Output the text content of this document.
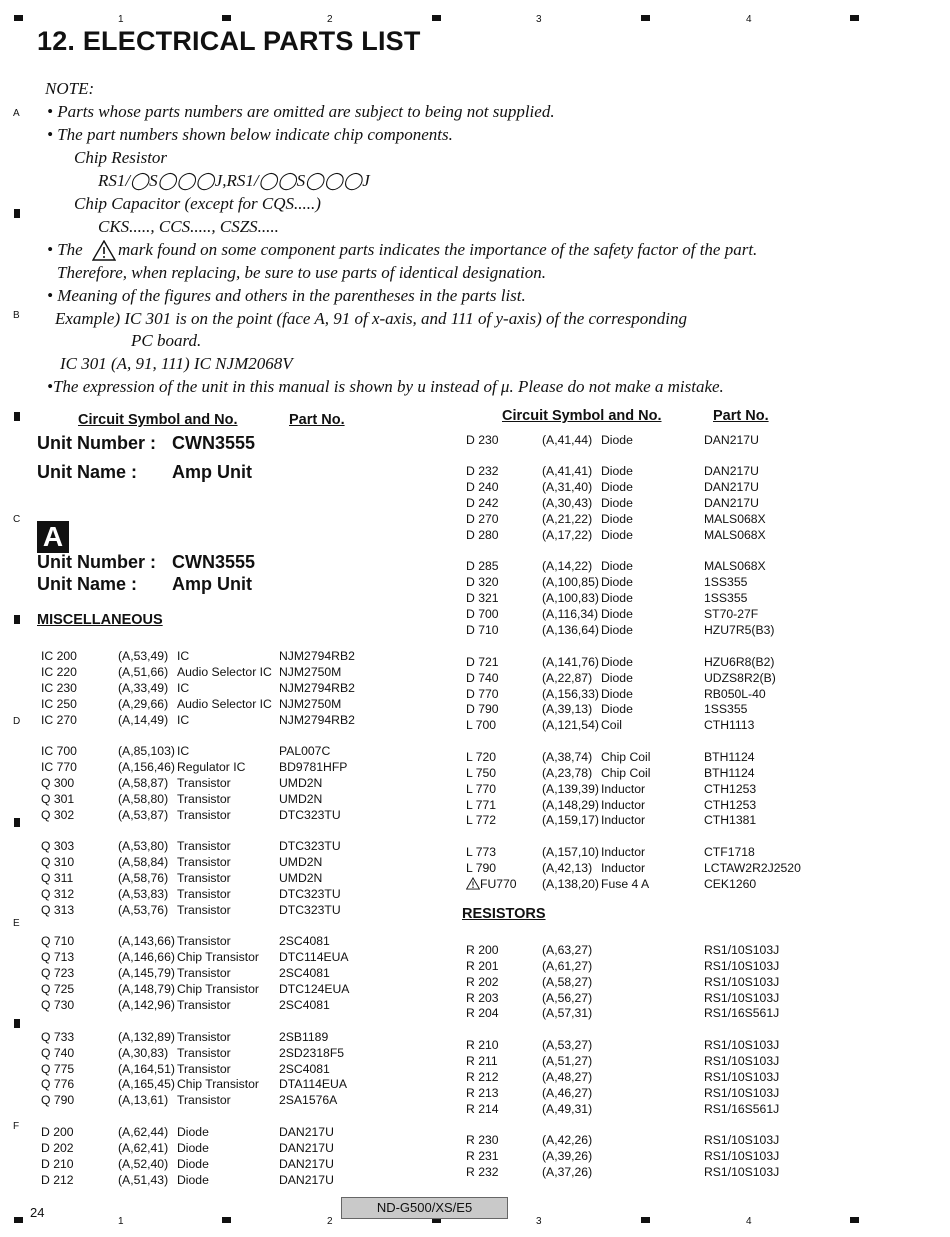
1	2	3	4
1	2	3	4
A
B
C
D
E
F
12. ELECTRICAL PARTS LIST
NOTE:
• Parts whose parts numbers are omitted are subject to being not supplied.
• The part numbers shown below indicate chip components.
Chip Resistor
RS1/◯S◯◯◯J,RS1/◯◯S◯◯◯J
Chip Capacitor (except for CQS.....)
CKS....., CCS....., CSZS.....
• The mark found on some component parts indicates the importance of the safety factor of the part.
Therefore, when replacing, be sure to use parts of identical designation.
• Meaning of the figures and others in the parentheses in the parts list.
Example) IC 301 is on the point (face A, 91 of x-axis, and 111 of y-axis) of the corresponding
PC board.
IC 301 (A, 91, 111) IC NJM2068V
•The expression of the unit in this manual is shown by u instead of μ. Please do not make a mistake.
Circuit Symbol and No.	Part No.	Circuit Symbol and No.	Part No.
Unit Number : CWN3555
Unit Name : Amp Unit
A
Unit Number : CWN3555
Unit Name : Amp Unit
MISCELLANEOUS
RESISTORS
IC 200	(A,53,49) IC	NJM2794RB2
IC 220	(A,51,66) Audio Selector IC NJM2750M
IC 230	(A,33,49) IC	NJM2794RB2
IC 250	(A,29,66) Audio Selector IC NJM2750M
IC 270	(A,14,49) IC	NJM2794RB2
IC 700	(A,85,103) IC	PAL007C
IC 770	(A,156,46) Regulator IC	BD9781HFP
Q 300	(A,58,87) Transistor	UMD2N
Q 301	(A,58,80) Transistor	UMD2N
Q 302	(A,53,87) Transistor	DTC323TU
Q 303	(A,53,80) Transistor	DTC323TU
Q 310	(A,58,84) Transistor	UMD2N
Q 311	(A,58,76) Transistor	UMD2N
Q 312	(A,53,83) Transistor	DTC323TU
Q 313	(A,53,76) Transistor	DTC323TU
Q 710	(A,143,66) Transistor	2SC4081
Q 713	(A,146,66) Chip Transistor DTC114EUA
Q 723	(A,145,79) Transistor	2SC4081
Q 725	(A,148,79) Chip Transistor DTC124EUA
Q 730	(A,142,96) Transistor	2SC4081
Q 733	(A,132,89) Transistor	2SB1189
Q 740	(A,30,83) Transistor	2SD2318F5
Q 775	(A,164,51) Transistor	2SC4081
Q 776	(A,165,45) Chip Transistor DTA114EUA
Q 790	(A,13,61) Transistor	2SA1576A
D 200	(A,62,44) Diode	DAN217U
D 202	(A,62,41) Diode	DAN217U
D 210	(A,52,40) Diode	DAN217U
D 212	(A,51,43) Diode	DAN217U
D 230	(A,41,44) Diode	DAN217U
D 232	(A,41,41) Diode	DAN217U
D 240	(A,31,40) Diode	DAN217U
D 242	(A,30,43) Diode	DAN217U
D 270	(A,21,22) Diode	MALS068X
D 280	(A,17,22) Diode	MALS068X
D 285	(A,14,22) Diode	MALS068X
D 320	(A,100,85) Diode	1SS355
D 321	(A,100,83) Diode	1SS355
D 700	(A,116,34) Diode	ST70-27F
D 710	(A,136,64) Diode	HZU7R5(B3)
D 721	(A,141,76) Diode	HZU6R8(B2)
D 740	(A,22,87) Diode	UDZS8R2(B)
D 770	(A,156,33) Diode	RB050L-40
D 790	(A,39,13) Diode	1SS355
L 700	(A,121,54) Coil	CTH1113
L 720	(A,38,74) Chip Coil	BTH1124
L 750	(A,23,78) Chip Coil	BTH1124
L 770	(A,139,39) Inductor	CTH1253
L 771	(A,148,29) Inductor	CTH1253
L 772	(A,159,17) Inductor	CTH1381
L 773	(A,157,10) Inductor	CTF1718
L 790	(A,42,13) Inductor	LCTAW2R2J2520
FU770 (A,138,20) Fuse 4 A	CEK1260
R 200	(A,63,27)	RS1/10S103J
R 201	(A,61,27)	RS1/10S103J
R 202	(A,58,27)	RS1/10S103J
R 203	(A,56,27)	RS1/10S103J
R 204	(A,57,31)	RS1/16S561J
R 210	(A,53,27)	RS1/10S103J
R 211	(A,51,27)	RS1/10S103J
R 212	(A,48,27)	RS1/10S103J
R 213	(A,46,27)	RS1/10S103J
R 214	(A,49,31)	RS1/16S561J
R 230	(A,42,26)	RS1/10S103J
R 231	(A,39,26)	RS1/10S103J
R 232	(A,37,26)	RS1/10S103J
24	ND-G500/XS/E5
